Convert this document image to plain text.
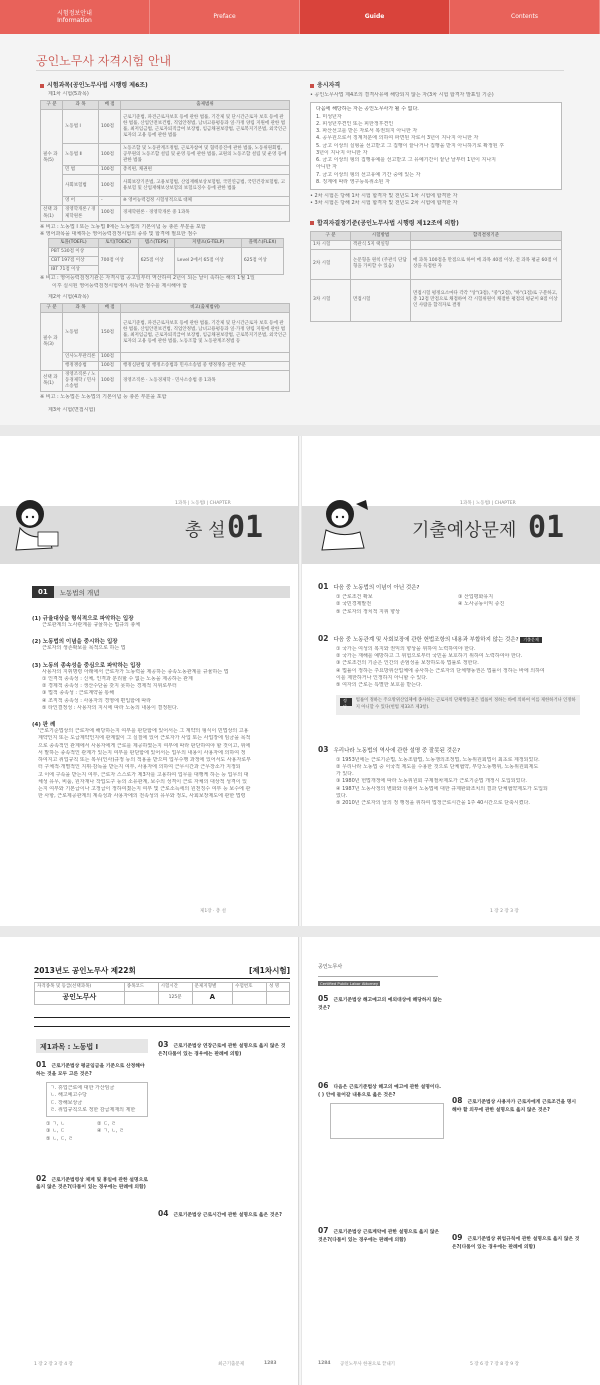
시험정보안내
Information
Preface	Guide	Contents
공인노무사 자격시험 안내
시험과목(공인노무사법 시행령 제6조)
제1차 시험(5과목)
구 분	과 목	배 점	출제범위
필수 과목(5)	노동법 Ⅰ	100점	근로기준법, 파견근로자보호 등에 관한 법률, 기간제 및 단시간근로자 보호 등에 관한 법률, 산업안전보건법, 직업안정법, 남녀고용평등과 일·가정 양립 지원에 관한 법률, 최저임금법, 근로자퇴직급여 보장법, 임금채권보장법, 근로복지기본법, 외국인근로자의 고용 등에 관한 법률
	노동법 Ⅱ	100점	노동조합 및 노동관계조정법, 근로자참여 및 협력증진에 관한 법률, 노동위원회법, 공무원의 노동조합 설립 및 운영 등에 관한 법률, 교원의 노동조합 설립 및 운영 등에 관한 법률
	민 법	100점	총칙편, 채권편
	사회보험법	100점	사회보장기본법, 고용보험법, 산업재해보상보험법, 국민연금법, 국민건강보험법, 고용보험 및 산업재해보상보험의 보험료징수 등에 관한 법률
	영 어	-	※ 영어능력검정 시험성적으로 대체
선택 과목(1)	경영학개론 / 경제학원론	100점	경제학원론 · 경영학개론 중 1과목
※ 비고 : 노동법 Ⅰ 또는 노동법 Ⅱ에는 노동법의 기본이념 등 총론 부분을 포함
※ 영어과목을 대체하는 영어능력검정시험의 종류 및 합격에 필요한 점수
토플(TOEFL)	토익(TOEIC)	텝스(TEPS)	지텔프(G-TELP)	플렉스(FLEX)
PBT 530점 이상	700점 이상	625점 이상	Level 2에서 65점 이상	625점 이상
CBT 197점 이상				
IBT 71점 이상				
※ 비고 : 영어능력검정기관은 자격시험 공고일부터 역산하여 2년이 되는 날이 속하는 해의 1월 1일
이후 실시된 영어능력검정시험에서 취득한 점수를 제시해야 함
제2차 시험(4과목)
구 분	과 목	배 점	비고(출제범위)
필수 과목(3)	노동법	150점	근로기준법, 파견근로자보호 등에 관한 법률, 기간제 및 단시간근로자 보호 등에 관한 법률, 산업안전보건법, 직업안정법, 남녀고용평등과 일·가정 양립 지원에 관한 법률, 최저임금법, 근로자퇴직급여 보장법, 임금채권보장법, 근로복지기본법, 외국인근로자의 고용 등에 관한 법률, 노동조합 및 노동관계조정법 등
	인사노무관리론	100점	
	행정쟁송법	100점	행정심판법 및 행정소송법과 민사소송법 중 행정쟁송 관련 부분
선택 과목(1)	경영조직론 / 노동경제학 / 민사소송법	100점	경영조직론 · 노동경제학 · 민사소송법 중 1과목
※ 비고 : 노동법은 노동법의 기본이념 등 총론 부분을 포함
제3차 시험(면접시험)
응시자격
• 공인노무사법 제4조의 결격사유에 해당되지 않는 자(3차 시험 합격자 발표일 기준)
다음에 해당하는 자는 공인노무사가 될 수 없다.
1. 미성년자
2. 피성년후견인 또는 피한정후견인
3. 파산선고를 받은 자로서 복권되지 아니한 자
4. 공무원으로서 징계처분에 의하여 파면된 자로서 3년이 지나지 아니한 자
5. 금고 이상의 실형을 선고받고 그 집행이 끝나거나 집행을 받지 아니하기로 확정된 후
3년이 지나지 아니한 자
6. 금고 이상의 형의 집행유예를 선고받고 그 유예기간이 끝난 날부터 1년이 지나지
아니한 자
7. 금고 이상의 형의 선고유예 기간 중에 있는 자
8. 징계에 따라 영구등록취소된 자
• 2차 시험은 당해 1차 시험 합격자 및 전년도 1차 시험에 합격한 자
• 3차 시험은 당해 2차 시험 합격자 및 전년도 2차 시험에 합격한 자
합격자결정기준(공인노무사법 시행령 제12조에 의함)
구 분	시험방법	합격결정기준
1차 시험	객관식 5지 택일형	
2차 시험	논문형을 원칙 (주관식 단답형을 가미할 수 있음)	매 과목 100점을 만점으로 하여 매 과목 40점 이상, 전 과목 평균 60점 이상을 득점한 자
3차 시험	면접시험	면접시험 평정요소마다 각각 "상"(3점), "중"(2점), "하"(1점)로 구분하고, 총 12점 만점으로 채점하여 각 시험위원이 채점한 평점의 평균이 8점 이상인 사람을 합격자로 결정
1과목 | 노동법Ⅰ | CHAPTER
총 설 01
01	노동법의 개념
(1) 규율대상을 형식적으로 파악하는 입장
근로관계의 노사관계를 규율하는 법규의 총체
(2) 노동법의 이념을 중시하는 입장
근로자의 생존확보를 목적으로 하는 법
(3) 노동의 종속성을 중심으로 파악하는 입장
사용자의 지휘명령 아래에서 근로자가 노동력을 제공하는 종속노동관계를 규율하는 법
① 인격적 종속성 : 신체, 인격과 분리할 수 없는 노동을 제공하는 관계
② 경제적 종속성 : 생산수단을 갖지 못하는 경제적 지위로부터
③ 법적 종속성 : 근로계약을 통해
④ 조직적 종속성 : 사용자의 경영에 편입함에 따라
⑤ 타인결정성 : 사용자의 지시에 따라 노동의 내용이 결정된다.
(4) 판 례
'근로기준법상의 근로자에 해당하는지 여부를 판단함에 있어서는 그 계약의 형식이 민법상의 고용
계약인지 또는 도급계약인지에 관계없이 그 실질에 있어 근로자가 사업 또는 사업장에 임금을 목적
으로 종속적인 관계에서 사용자에게 근로를 제공하였는지 여부에 따라 판단하여야 할 것이고, 위에
서 말하는 종속적인 관계가 있는지 여부를 판단함에 있어서는 업무의 내용이 사용자에 의하여 정
하여지고 취업규칙 또는 복무(인사)규정 등의 적용을 받으며 업무수행 과정에 있어서도 사용자로부
터 구체적·개별적인 지휘·감독을 받는지 여부, 사용자에 의하여 근무시간과 근무장소가 지정되
고 이에 구속을 받는지 여부, 근로자 스스로가 제3자를 고용하여 업무를 대행케 하는 등 업무의 대
체성 유무, 비품, 원자재나 작업도구 등의 소유관계, 보수의 성격이 근로 자체의 대상적 성격이 있
는지 여부와 기본급이나 고정급이 정하여졌는지 여부 및 근로소득세의 원천징수 여부 등 보수에 관
한 사항, 근로제공관계의 계속성과 사용자에의 전속성의 유무와 정도, 사회보장제도에 관한 법령
제1장 · 총 설
1과목 | 노동법Ⅰ | CHAPTER
기출예상문제 01
01 다음 중 노동법의 이념이 아닌 것은?
① 근로조건 확보	③ 산업평화유지
② 국민경제발전	④ 노사공동이익 증진
⑤ 근로자의 정치적 지위 향상
02 다음 중 노동관계 및 사회보장에 관한 헌법조항의 내용과 부합하지 않는 것은? 기출문제
① 국가는 여성의 복지와 권익의 향상을 위하여 노력하여야 한다.
② 국가는 재해를 예방하고 그 위험으로부터 국민을 보호하기 위하여 노력하여야 한다.
③ 근로조건의 기준은 인간의 존엄성을 보장하도록 법률로 정한다.
④ 법률이 정하는 주요방위산업체에 종사하는 근로자의 단체행동권은 법률이 정하는 바에 의하여
이를 제한하거나 인정하지 아니할 수 있다.
⑤ 여자의 근로는 특별한 보호를 받는다.
정답
법률이 정하는 주요방위산업체에 종사하는 근로자의 단체행동권은 법률이 정하는 바에 의하여 이를 제한하거나 인정하지 아니할 수 있다(헌법 제33조 제3항).
03 우리나라 노동법의 역사에 관한 설명 중 잘못된 것은?
① 1953년에는 근로기준법, 노동조합법, 노동쟁의조정법, 노동위원회법이 최초로 제정되었다.
② 우리나라 노동법 중 이국적 제도를 수용한 것으로 단체협약, 부당노동행위, 노동위원회제도
가 있다.
③ 1980년 헌법개정에 따라 노동위원회 구제절차제도가 근로기준법 개정시 도입되었다.
④ 1987년 노동사정의 변화와 더불어 노동법에 대한 규제완화조치의 결과 단체협약제도가 도입되
었다.
⑤ 2010년 근로자의 날의 정 행정을 위하여 법정근로시간을 1주 40시간으로 단축시켰다.
1 장 2 장 3 장
2013년도 공인노무사 제22회	[제1차시험]
자격종목 및 등급(선택과목)	종목코드	시험시간	문제지형별	수험번호	성 명
공인노무사		125분	A		
제1과목 : 노동법 Ⅰ
01 근로기준법상 평균임금을 기준으로 산정해야 하는 것을 모두 고른 것은?
ㄱ. 휴업근로에 대한 가산임금
ㄴ. 해고예고수당
ㄷ. 장해보상금
ㄹ. 취업규칙으로 정한 감급제재의 제한
① ㄱ, ㄴ	② ㄷ, ㄹ
③ ㄴ, ㄷ	④ ㄱ, ㄴ, ㄹ
⑤ ㄴ, ㄷ, ㄹ
02 근로기준법령상 체계 및 휴일에 관한 설명으로 옳지 않은 것은?(다툼이 있는 경우에는 판례에 의함)
03 근로기준법상 연장근로에 관한 설명으로 옳지 않은 것은?(다툼이 있는 경우에는 판례에 의함)
04 근로기준법상 근로시간에 관한 설명으로 옳은 것은?
1 장 2 장 3 장 4 장	최근기출문제	1283
공인노무사
Certified Public Labor Attorney
05 근로기준법상 해고예고의 예외대상에 해당하지 않는 것은?
06 다음은 근로기준법상 해고의 예고에 관한 설명이다. ( ) 안에 들어갈 내용으로 옳은 것은?
07 근로기준법상 근로계약에 관한 설명으로 옳지 않은 것은?(다툼이 있는 경우에는 판례에 의함)
08 근로기준법상 사용자가 근로자에게 근로조건을 명시해야 할 의무에 관한 설명으로 옳지 않은 것은?
09 근로기준법상 취업규칙에 관한 설명으로 옳지 않은 것은?(다툼이 있는 경우에는 판례에 의함)
1284 공인노무사 한권으로 끝내기	5 장 6 장 7 장 8 장 9 장
